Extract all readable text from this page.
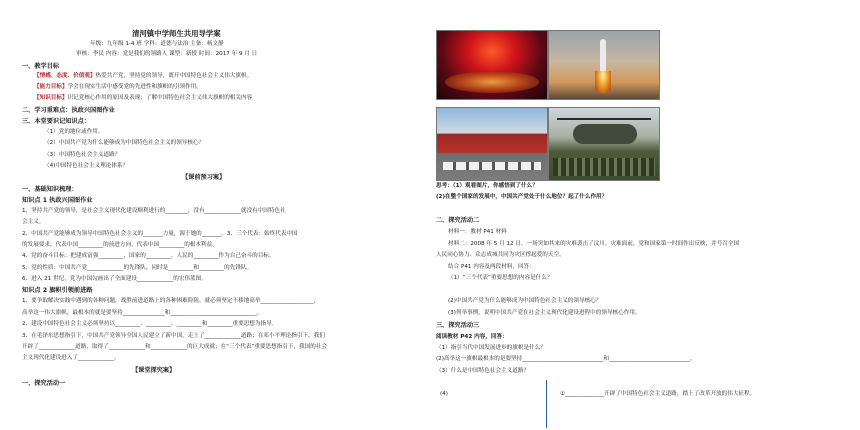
清河镇中学师生共用导学案
年级：九年级 1-4 班 学科：道德与法治 主备：杨文静
审核：李民 内容：党是我们的领路人 课型：新授 时间：2017 年 9 月 日
一、教学目标
【情感、态度、价值观】热爱共产党，坚持党的领导，离开中国特色社会主义伟大旗帜。
【能力目标】学会在现实生活中感受党的先进性和旗帜的引领作用。
【知识目标】识记党核心作用的原因及表现；了解中国特色社会主义伟大旗帜的相关内容
二、学习重难点：执政兴国图作业
三、本堂要识记知识点：
（1）党的地位或作用。
（2）中国共产党为什么能够成为中国特色社会主义的领导核心？
（3）中国特色社会主义道路？
（4)中国特色社会主义理论体系？
【课前预习案】
一、基础知识梳理：
知识点 1 执政兴国图作业
1、坚持共产党的领导，是社会主义现代化建设顺利进行的________，没有_____________就没有中国特色社
会主义。
2、中国共产党能够成为领导中国特色社会主义的_______力量，源于她的_______。3、三个代表：始终代表中国
的发展要求，代表中国_________的前进方向，代表中国_________的根本利益。
4、党的奋斗目标：把建成富强_________，国家的_________，人民的_________作为自己奋斗的目标。
5、党的性质：中国共产党_____________的先锋队，同时是_________和_________的先锋队。
6、进入 21 世纪，党为中国勾画出了全面建设_____________的宏伟蓝图。
知识点 2 旗帜引领前进路
1、要争取解决实践中遇到的各种问题，战胜前进道路上的各种困难险阻，就必须坚定不移地高举___________________，
高举这一伟大旗帜，最根本的就是要坚持_______________和_______________________________。
2、建设中国特色社会主义必须坚持以_________、_________、_________和_________重要思想为指导。
3、在毛泽东思想指引下，中国共产党领导全国人民建立了新中国，走上了_____________道路；在邓小平理论指引下，我们
开辟了_____________道路，取得了_____________和_____________的巨大成就；在“三个代表”重要思想指引下，我国的社会
主义现代化建设进入了_____________。
【课堂探究案】
一、探究活动一
思考：（1）观看图片，你感悟到了什么？
(2)在整个国家的发展中，中国共产党处于什么地位？起了什么作用？
二、探究活动二
材料一：教材 P41 材料
材料二：2008 年 5 月 12 日，一场突如其来的灾难袭击了汶川。灾难面前，党和国家第一时间作出反映，并号召全国
人民同心协力、众志成城共同为灾区撑起爱的天空。
结合 P41 内容及两段材料，回答：
（1）“三个代表”重要思想的内容是什么？
(2)中国共产党为什么能够成为中国特色社会主义的领导核心？
(3)列举事例，说明中国共产党在社会主义现代化建设进程中的领导核心作用。
三、探究活动三
阅读教材 P42 内容，回答：
（1）指引当代中国发展进步的旗帜是什么？
(2)高举这一旗帜最根本的是要坚持_____________________________和_____________________________。
（3）什么是中国特色社会主义道路？
(4)	①______________开辟了中国特色社会主义道路，踏上了改革开放的伟大征程。
